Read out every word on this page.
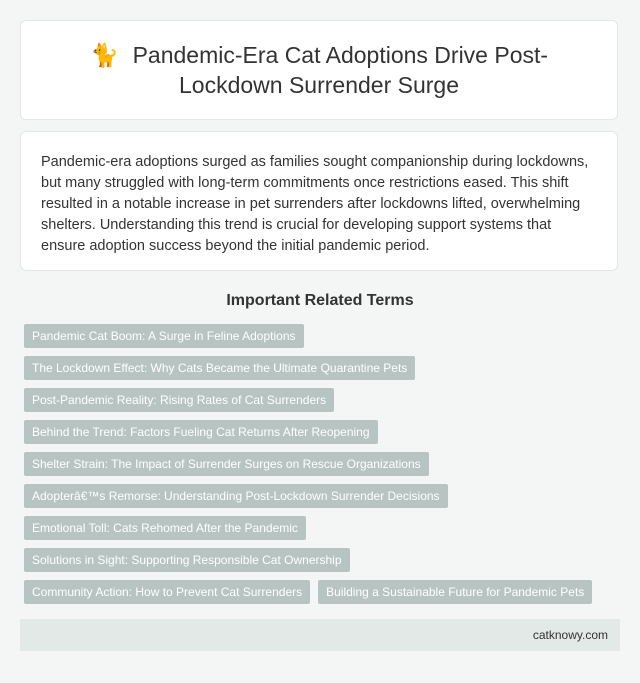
🐈 Pandemic-Era Cat Adoptions Drive Post-Lockdown Surrender Surge

Pandemic-era adoptions surged as families sought companionship during lockdowns, but many struggled with long-term commitments once restrictions eased. This shift resulted in a notable increase in pet surrenders after lockdowns lifted, overwhelming shelters. Understanding this trend is crucial for developing support systems that ensure adoption success beyond the initial pandemic period.

Important Related Terms
Pandemic Cat Boom: A Surge in Feline Adoptions
The Lockdown Effect: Why Cats Became the Ultimate Quarantine Pets
Post-Pandemic Reality: Rising Rates of Cat Surrenders
Behind the Trend: Factors Fueling Cat Returns After Reopening
Shelter Strain: The Impact of Surrender Surges on Rescue Organizations
Adopterâ€™s Remorse: Understanding Post-Lockdown Surrender Decisions
Emotional Toll: Cats Rehomed After the Pandemic
Solutions in Sight: Supporting Responsible Cat Ownership
Community Action: How to Prevent Cat Surrenders	Building a Sustainable Future for Pandemic Pets
catknowy.com
